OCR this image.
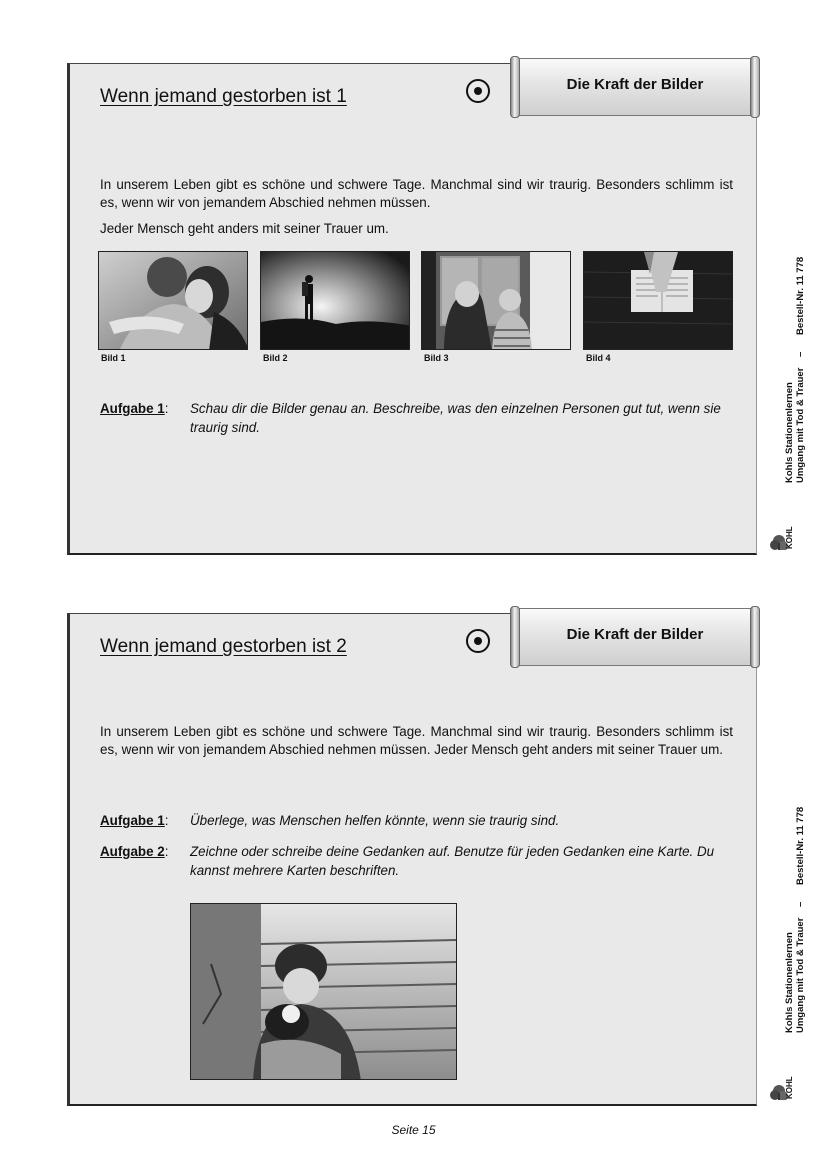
Wenn jemand gestorben ist 1
In unserem Leben gibt es schöne und schwere Tage. Manchmal sind wir traurig. Besonders schlimm ist es, wenn wir von jemandem Abschied nehmen müssen.
Jeder Mensch geht anders mit seiner Trauer um.
Bild 1	Bild 2	Bild 3	Bild 4
Aufgabe 1: Schau dir die Bilder genau an. Beschreibe, was den einzelnen Personen gut tut, wenn sie traurig sind.
Die Kraft der Bilder
Wenn jemand gestorben ist 2
In unserem Leben gibt es schöne und schwere Tage. Manchmal sind wir traurig. Besonders schlimm ist es, wenn wir von jemandem Abschied nehmen müssen. Jeder Mensch geht anders mit seiner Trauer um.
Aufgabe 1: Überlege, was Menschen helfen könnte, wenn sie traurig sind.
Aufgabe 2: Zeichne oder schreibe deine Gedanken auf. Benutze für jeden Gedanken eine Karte. Du kannst mehrere Karten beschriften.
Die Kraft der Bilder
Kohls Stationenlernen Umgang mit Tod & Trauer
–
Bestell-Nr. 11 778
KOHL
Kohls Stationenlernen Umgang mit Tod & Trauer
–
Bestell-Nr. 11 778
KOHL
Seite 15
